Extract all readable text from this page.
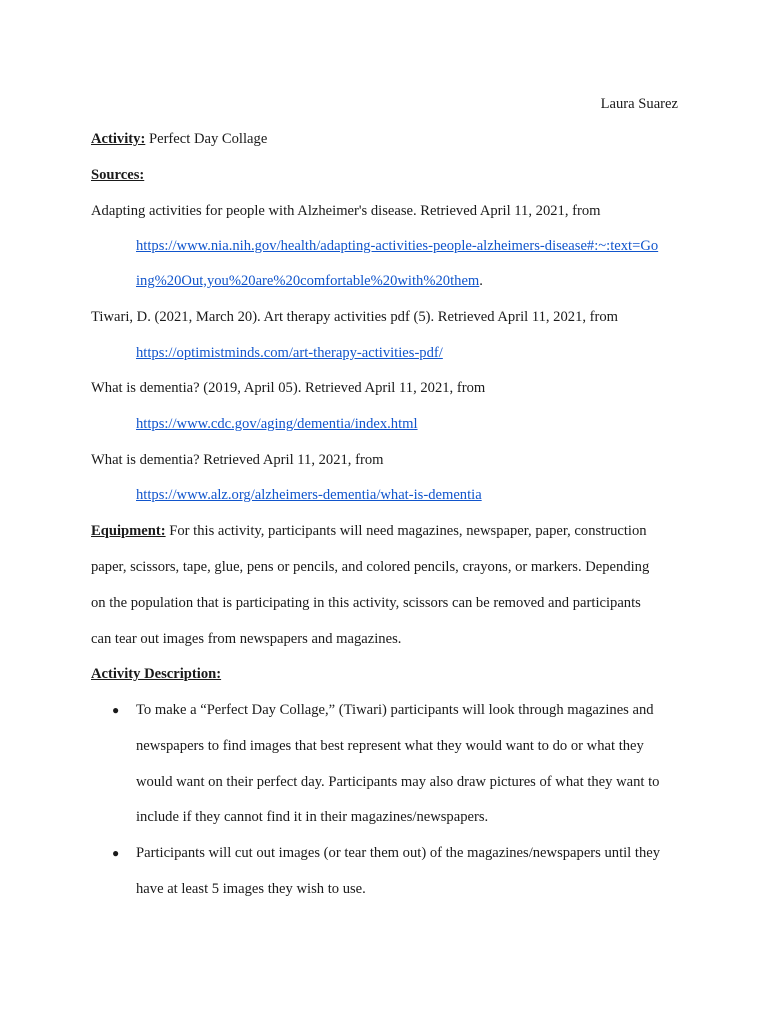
Laura Suarez
Activity: Perfect Day Collage
Sources:
Adapting activities for people with Alzheimer's disease. Retrieved April 11, 2021, from
https://www.nia.nih.gov/health/adapting-activities-people-alzheimers-disease#:~:text=Go
ing%20Out,you%20are%20comfortable%20with%20them.
Tiwari, D. (2021, March 20). Art therapy activities pdf (5). Retrieved April 11, 2021, from
https://optimistminds.com/art-therapy-activities-pdf/
What is dementia? (2019, April 05). Retrieved April 11, 2021, from
https://www.cdc.gov/aging/dementia/index.html
What is dementia? Retrieved April 11, 2021, from
https://www.alz.org/alzheimers-dementia/what-is-dementia
Equipment: For this activity, participants will need magazines, newspaper, paper, construction
paper, scissors, tape, glue, pens or pencils, and colored pencils, crayons, or markers. Depending
on the population that is participating in this activity, scissors can be removed and participants
can tear out images from newspapers and magazines.
Activity Description:
● To make a “Perfect Day Collage,” (Tiwari) participants will look through magazines and
newspapers to find images that best represent what they would want to do or what they
would want on their perfect day. Participants may also draw pictures of what they want to
include if they cannot find it in their magazines/newspapers.
● Participants will cut out images (or tear them out) of the magazines/newspapers until they
have at least 5 images they wish to use.
